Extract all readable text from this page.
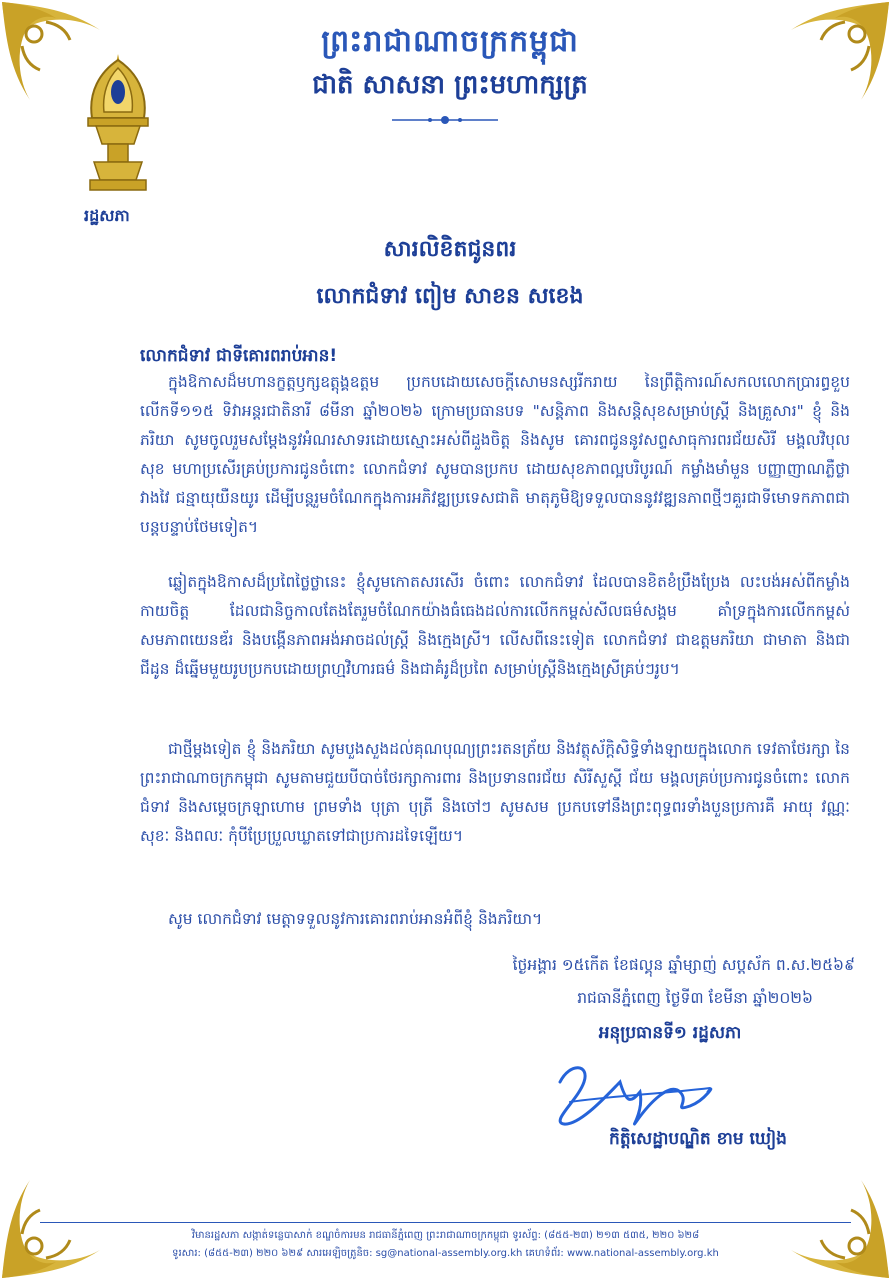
រដ្ឋសភា
ព្រះរាជាណាចក្រកម្ពុជា
ជាតិ សាសនា ព្រះមហាក្សត្រ
សារលិខិតជូនពរ
លោកជំទាវ ពៀម សាខន សខេង
លោកជំទាវ ជាទីគោរពរាប់អាន!
ក្នុងឱកាសដ៏មហានក្ខត្តឫក្សឧត្តុង្គឧត្តម ប្រកបដោយសេចក្តីសោមនស្សរីករាយ នៃព្រឹត្តិការណ៍សកលលោកប្រារព្ធខួបលើកទី១១៥ ទិវាអន្តរជាតិនារី ៨មីនា ឆ្នាំ២០២៦ ក្រោមប្រធានបទ "សន្តិភាព និងសន្តិសុខសម្រាប់ស្ត្រី និងគ្រួសារ" ខ្ញុំ និងភរិយា សូមចូលរួមសម្តែងនូវអំណរសាទរដោយស្មោះអស់ពីដួងចិត្ត និងសូម គោរពជូននូវសព្ទសាធុការពរជ័យសិរី មង្គលវិបុលសុខ មហាប្រសើរគ្រប់ប្រការជូនចំពោះ លោកជំទាវ សូមបានប្រកប ដោយសុខភាពល្អបរិបូរណ៍ កម្លាំងមាំមួន បញ្ញាញាណភ្លឺថ្លាវាងវៃ ជន្មាយុយឺនយូរ ដើម្បីបន្តរួមចំណែកក្នុងការអភិវឌ្ឍប្រទេសជាតិ មាតុភូមិឱ្យទទួលបាននូវវឌ្ឍនភាពថ្មីៗគួរជាទីមោទកភាពជាបន្តបន្ទាប់ថែមទៀត។
ឆ្លៀតក្នុងឱកាសដ៏ប្រពៃថ្លៃថ្លានេះ ខ្ញុំសូមកោតសរសើរ ចំពោះ លោកជំទាវ ដែលបានខិតខំប្រឹងប្រែង លះបង់អស់ពីកម្លាំងកាយចិត្ត ដែលជានិច្ចកាលតែងតែរួមចំណែកយ៉ាងធំធេងដល់ការលើកកម្ពស់សីលធម៌សង្គម គាំទ្រក្នុងការលើកកម្ពស់សមភាពយេនឌ័រ និងបង្កើនភាពអង់អាចដល់ស្ត្រី និងក្មេងស្រី។ លើសពីនេះទៀត លោកជំទាវ ជាឧត្តមភរិយា ជាមាតា និងជាជីដូន ដ៏ឆ្នើមមួយរូបប្រកបដោយព្រហ្មវិហារធម៌ និងជាគំរូដ៏ប្រពៃ សម្រាប់ស្ត្រីនិងក្មេងស្រីគ្រប់ៗរូប។
ជាថ្មីម្តងទៀត ខ្ញុំ និងភរិយា សូមបួងសួងដល់គុណបុណ្យព្រះរតនត្រ័យ និងវត្ថុស័ក្តិសិទ្ធិទាំងឡាយក្នុងលោក ទេវតាថែរក្សា នៃព្រះរាជាណាចក្រកម្ពុជា សូមតាមជួយបីបាច់ថែរក្សាការពារ និងប្រទានពរជ័យ សិរីសួស្តី ជ័យ មង្គលគ្រប់ប្រការជូនចំពោះ លោកជំទាវ និងសម្តេចក្រឡាហោម ព្រមទាំង បុត្រា បុត្រី និងចៅៗ សូមសម ប្រកបទៅនឹងព្រះពុទ្ធពរទាំងបួនប្រការគឺ អាយុ វណ្ណៈ សុខៈ និងពលៈ កុំបីប្រែប្រួលឃ្លាតទៅជាប្រការដទៃឡើយ។
សូម លោកជំទាវ មេត្តាទទួលនូវការគោរពរាប់អានអំពីខ្ញុំ និងភរិយា។
ថ្ងៃអង្គារ ១៥កើត ខែផល្គុន ឆ្នាំម្សាញ់ សប្តស័ក ព.ស.២៥៦៩
រាជធានីភ្នំពេញ ថ្ងៃទី៣ ខែមីនា ឆ្នាំ២០២៦
អនុប្រធានទី១ រដ្ឋសភា
កិត្តិសេដ្ឋាបណ្ឌិត ខាម ឃៀង
វិមានរដ្ឋសភា សង្កាត់ទន្លេបាសាក់ ខណ្ឌចំការមន រាជធានីភ្នំពេញ ព្រះរាជាណាចក្រកម្ពុជា ទូរស័ព្ទ: (៨៥៥-២៣) ២១៣ ៥៣៥, ២២០ ៦២៨
ទូរសារ: (៨៥៥-២៣) ២២០ ៦២៩ សារអេឡិចត្រូនិច: sg@national-assembly.org.kh គេហទំព័រ: www.national-assembly.org.kh
